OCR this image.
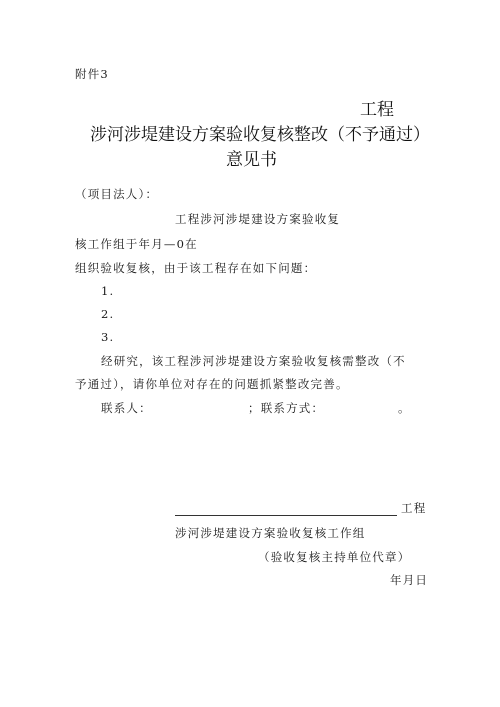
附件3
工程
涉河涉堤建设方案验收复核整改（不予通过）
意见书
（项目法人）：
工程涉河涉堤建设方案验收复
核工作组于年月—0在
组织验收复核，由于该工程存在如下问题：
1.
2.
3.
经研究，该工程涉河涉堤建设方案验收复核需整改（不
予通过），请你单位对存在的问题抓紧整改完善。
联系人：	；联系方式：	。
工程
涉河涉堤建设方案验收复核工作组
（验收复核主持单位代章）
年月日
